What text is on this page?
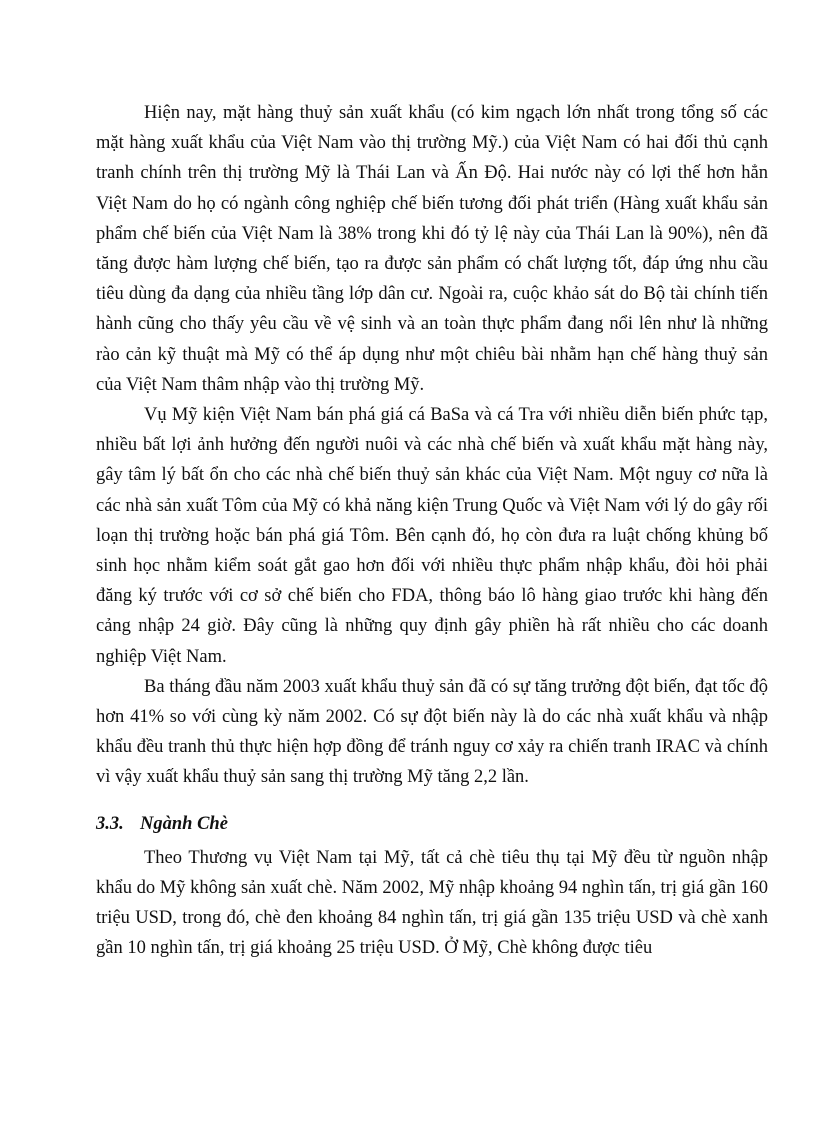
Hiện nay, mặt hàng thuỷ sản xuất khẩu (có kim ngạch lớn nhất trong tổng số các mặt hàng xuất khẩu của Việt Nam vào thị trường Mỹ.) của Việt Nam có hai đối thủ cạnh tranh chính trên thị trường Mỹ là Thái Lan và Ấn Độ. Hai nước này có lợi thế hơn hẳn Việt Nam do họ có ngành công nghiệp chế biến tương đối phát triển (Hàng xuất khẩu sản phẩm chế biến của Việt Nam là 38% trong khi đó tỷ lệ này của Thái Lan là 90%), nên đã tăng được hàm lượng chế biến, tạo ra được sản phẩm có chất lượng tốt, đáp ứng nhu cầu tiêu dùng đa dạng của nhiều tầng lớp dân cư. Ngoài ra, cuộc khảo sát do Bộ tài chính tiến hành cũng cho thấy yêu cầu về vệ sinh và an toàn thực phẩm đang nổi lên như là những rào cản kỹ thuật mà Mỹ có thể áp dụng như một chiêu bài nhằm hạn chế hàng thuỷ sản của Việt Nam thâm nhập vào thị trường Mỹ.

Vụ Mỹ kiện Việt Nam bán phá giá cá BaSa và cá Tra với nhiều diễn biến phức tạp, nhiều bất lợi ảnh hưởng đến người nuôi và các nhà chế biến và xuất khẩu mặt hàng này, gây tâm lý bất ổn cho các nhà chế biến thuỷ sản khác của Việt Nam. Một nguy cơ nữa là các nhà sản xuất Tôm của Mỹ có khả năng kiện Trung Quốc và Việt Nam với lý do gây rối loạn thị trường hoặc bán phá giá Tôm. Bên cạnh đó, họ còn đưa ra luật chống khủng bố sinh học nhằm kiểm soát gắt gao hơn đối với nhiều thực phẩm nhập khẩu, đòi hỏi phải đăng ký trước với cơ sở chế biến cho FDA, thông báo lô hàng giao trước khi hàng đến cảng nhập 24 giờ. Đây cũng là những quy định gây phiền hà rất nhiều cho các doanh nghiệp Việt Nam.

Ba tháng đầu năm 2003 xuất khẩu thuỷ sản đã có sự tăng trưởng đột biến, đạt tốc độ hơn 41% so với cùng kỳ năm 2002. Có sự đột biến này là do các nhà xuất khẩu và nhập khẩu đều tranh thủ thực hiện hợp đồng để tránh nguy cơ xảy ra chiến tranh IRAC và chính vì vậy xuất khẩu thuỷ sản sang thị trường Mỹ tăng 2,2 lần.

3.3. Ngành Chè

Theo Thương vụ Việt Nam tại Mỹ, tất cả chè tiêu thụ tại Mỹ đều từ nguồn nhập khẩu do Mỹ không sản xuất chè. Năm 2002, Mỹ nhập khoảng 94 nghìn tấn, trị giá gần 160 triệu USD, trong đó, chè đen khoảng 84 nghìn tấn, trị giá gần 135 triệu USD và chè xanh gần 10 nghìn tấn, trị giá khoảng 25 triệu USD. Ở Mỹ, Chè không được tiêu
